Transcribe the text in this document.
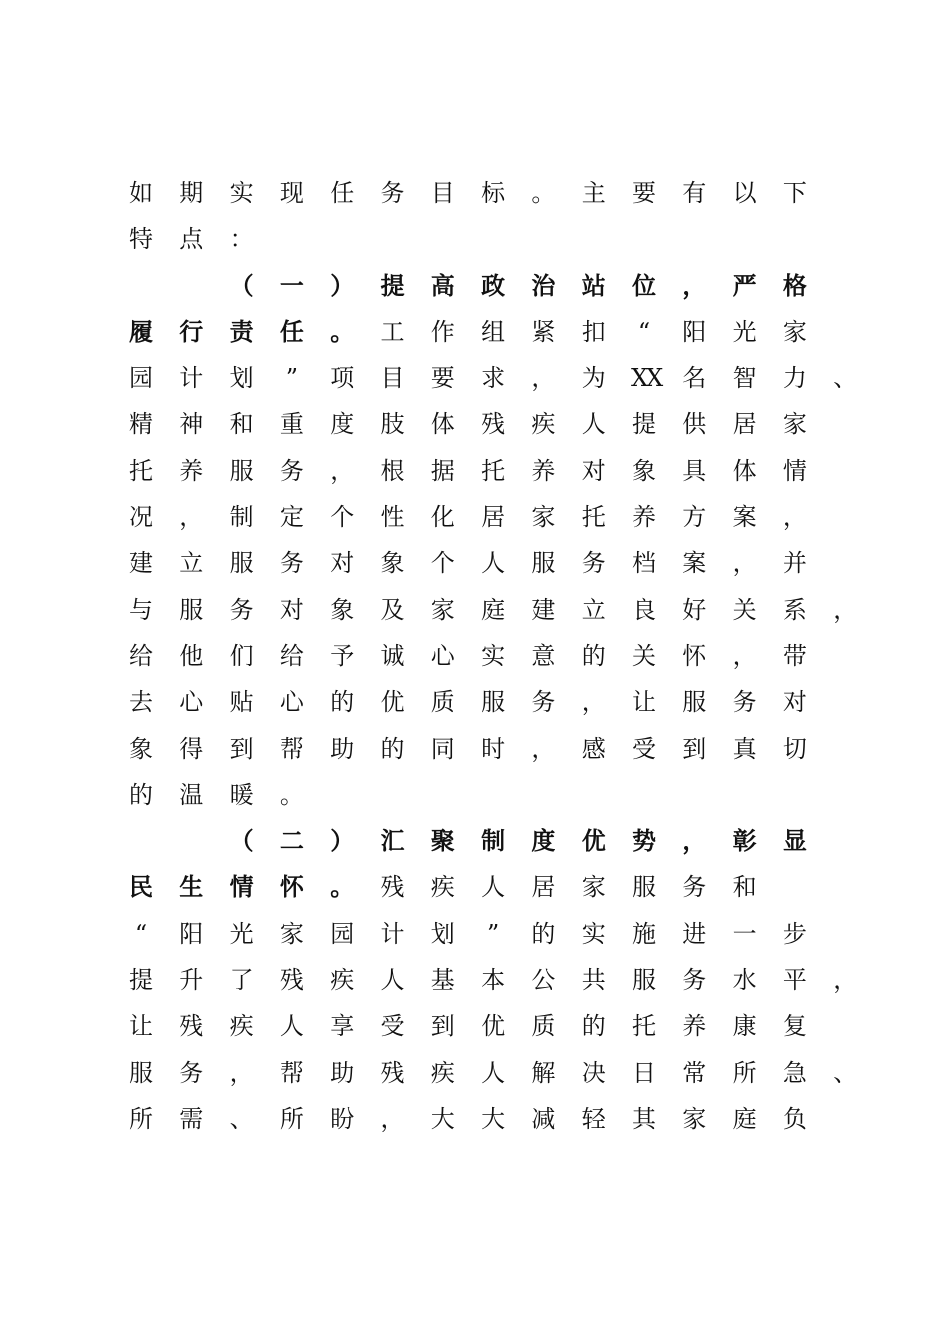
如 期 实 现 任 务 目 标 。 主 要 有 以 下
特 点 ：
（ 一 ） 提 高 政 治 站 位 ， 严 格
履 行 责 任 。 工 作 组 紧 扣 “ 阳 光 家
园 计 划 ” 项 目 要 求 ， 为 XX 名 智 力 、
精 神 和 重 度 肢 体 残 疾 人 提 供 居 家
托 养 服 务 ， 根 据 托 养 对 象 具 体 情
况 ， 制 定 个 性 化 居 家 托 养 方 案 ，
建 立 服 务 对 象 个 人 服 务 档 案 ， 并
与 服 务 对 象 及 家 庭 建 立 良 好 关 系 ，
给 他 们 给 予 诚 心 实 意 的 关 怀 ， 带
去 心 贴 心 的 优 质 服 务 ， 让 服 务 对
象 得 到 帮 助 的 同 时 ， 感 受 到 真 切
的 温 暖 。
（ 二 ） 汇 聚 制 度 优 势 ， 彰 显
民 生 情 怀 。 残 疾 人 居 家 服 务 和
“ 阳 光 家 园 计 划 ” 的 实 施 进 一 步
提 升 了 残 疾 人 基 本 公 共 服 务 水 平 ，
让 残 疾 人 享 受 到 优 质 的 托 养 康 复
服 务 ， 帮 助 残 疾 人 解 决 日 常 所 急 、
所 需 、 所 盼 ， 大 大 减 轻 其 家 庭 负
